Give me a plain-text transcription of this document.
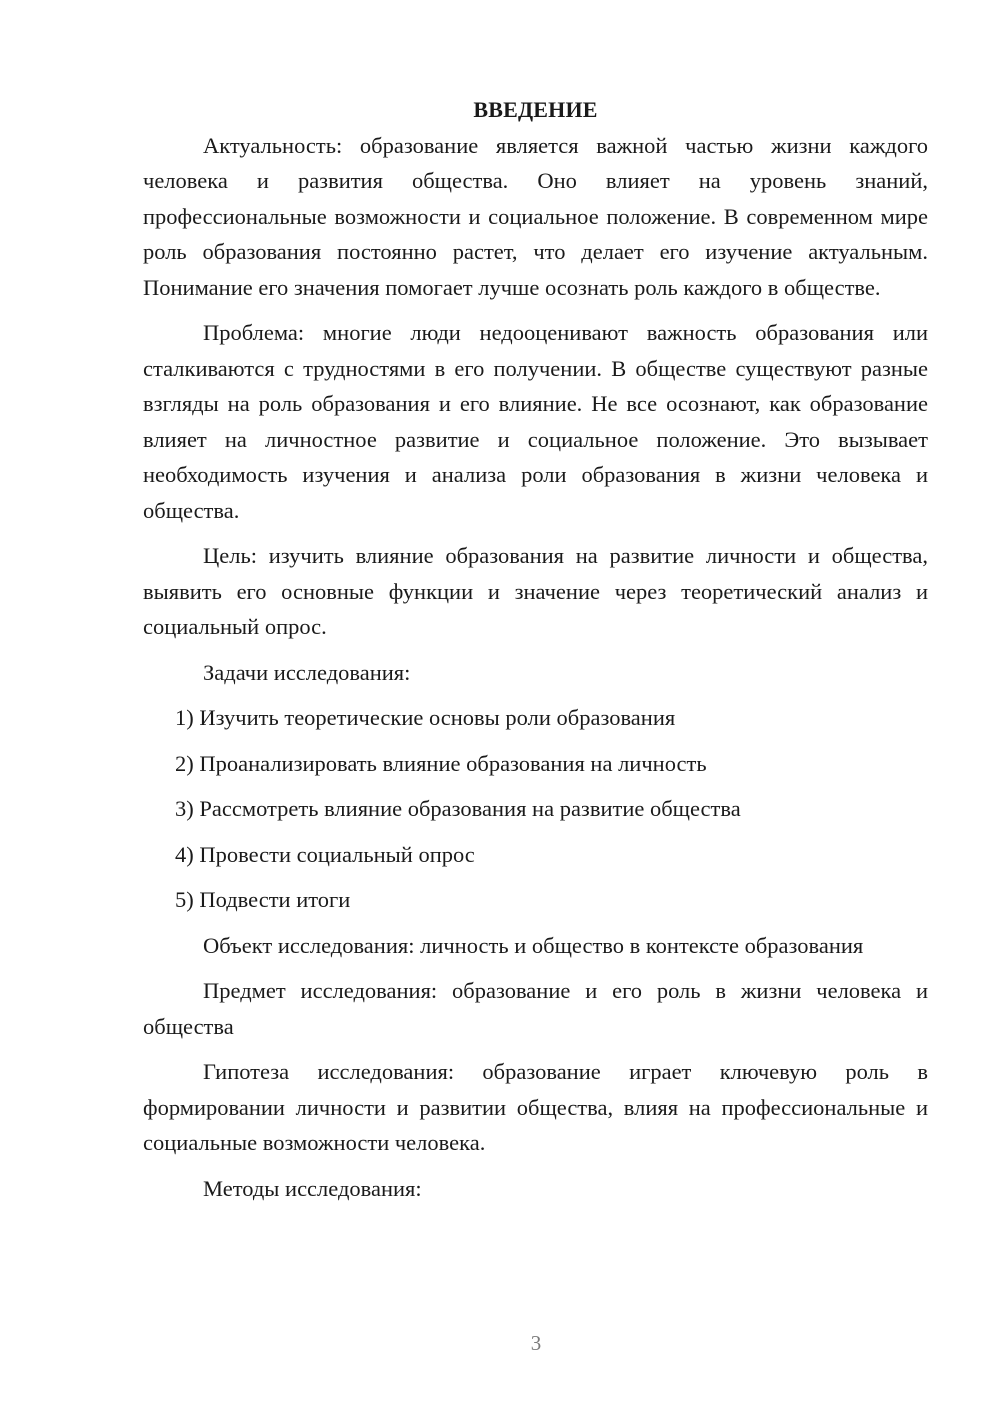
ВВЕДЕНИЕ

Актуальность: образование является важной частью жизни каждого человека и развития общества. Оно влияет на уровень знаний, профессиональные возможности и социальное положение. В современном мире роль образования постоянно растет, что делает его изучение актуальным. Понимание его значения помогает лучше осознать роль каждого в обществе.

Проблема: многие люди недооценивают важность образования или сталкиваются с трудностями в его получении. В обществе существуют разные взгляды на роль образования и его влияние. Не все осознают, как образование влияет на личностное развитие и социальное положение. Это вызывает необходимость изучения и анализа роли образования в жизни человека и общества.

Цель: изучить влияние образования на развитие личности и общества, выявить его основные функции и значение через теоретический анализ и социальный опрос.

Задачи исследования:

1) Изучить теоретические основы роли образования
2) Проанализировать влияние образования на личность
3) Рассмотреть влияние образования на развитие общества
4) Провести социальный опрос
5) Подвести итоги

Объект исследования: личность и общество в контексте образования

Предмет исследования: образование и его роль в жизни человека и общества

Гипотеза исследования: образование играет ключевую роль в формировании личности и развитии общества, влияя на профессиональные и социальные возможности человека.

Методы исследования:

3
